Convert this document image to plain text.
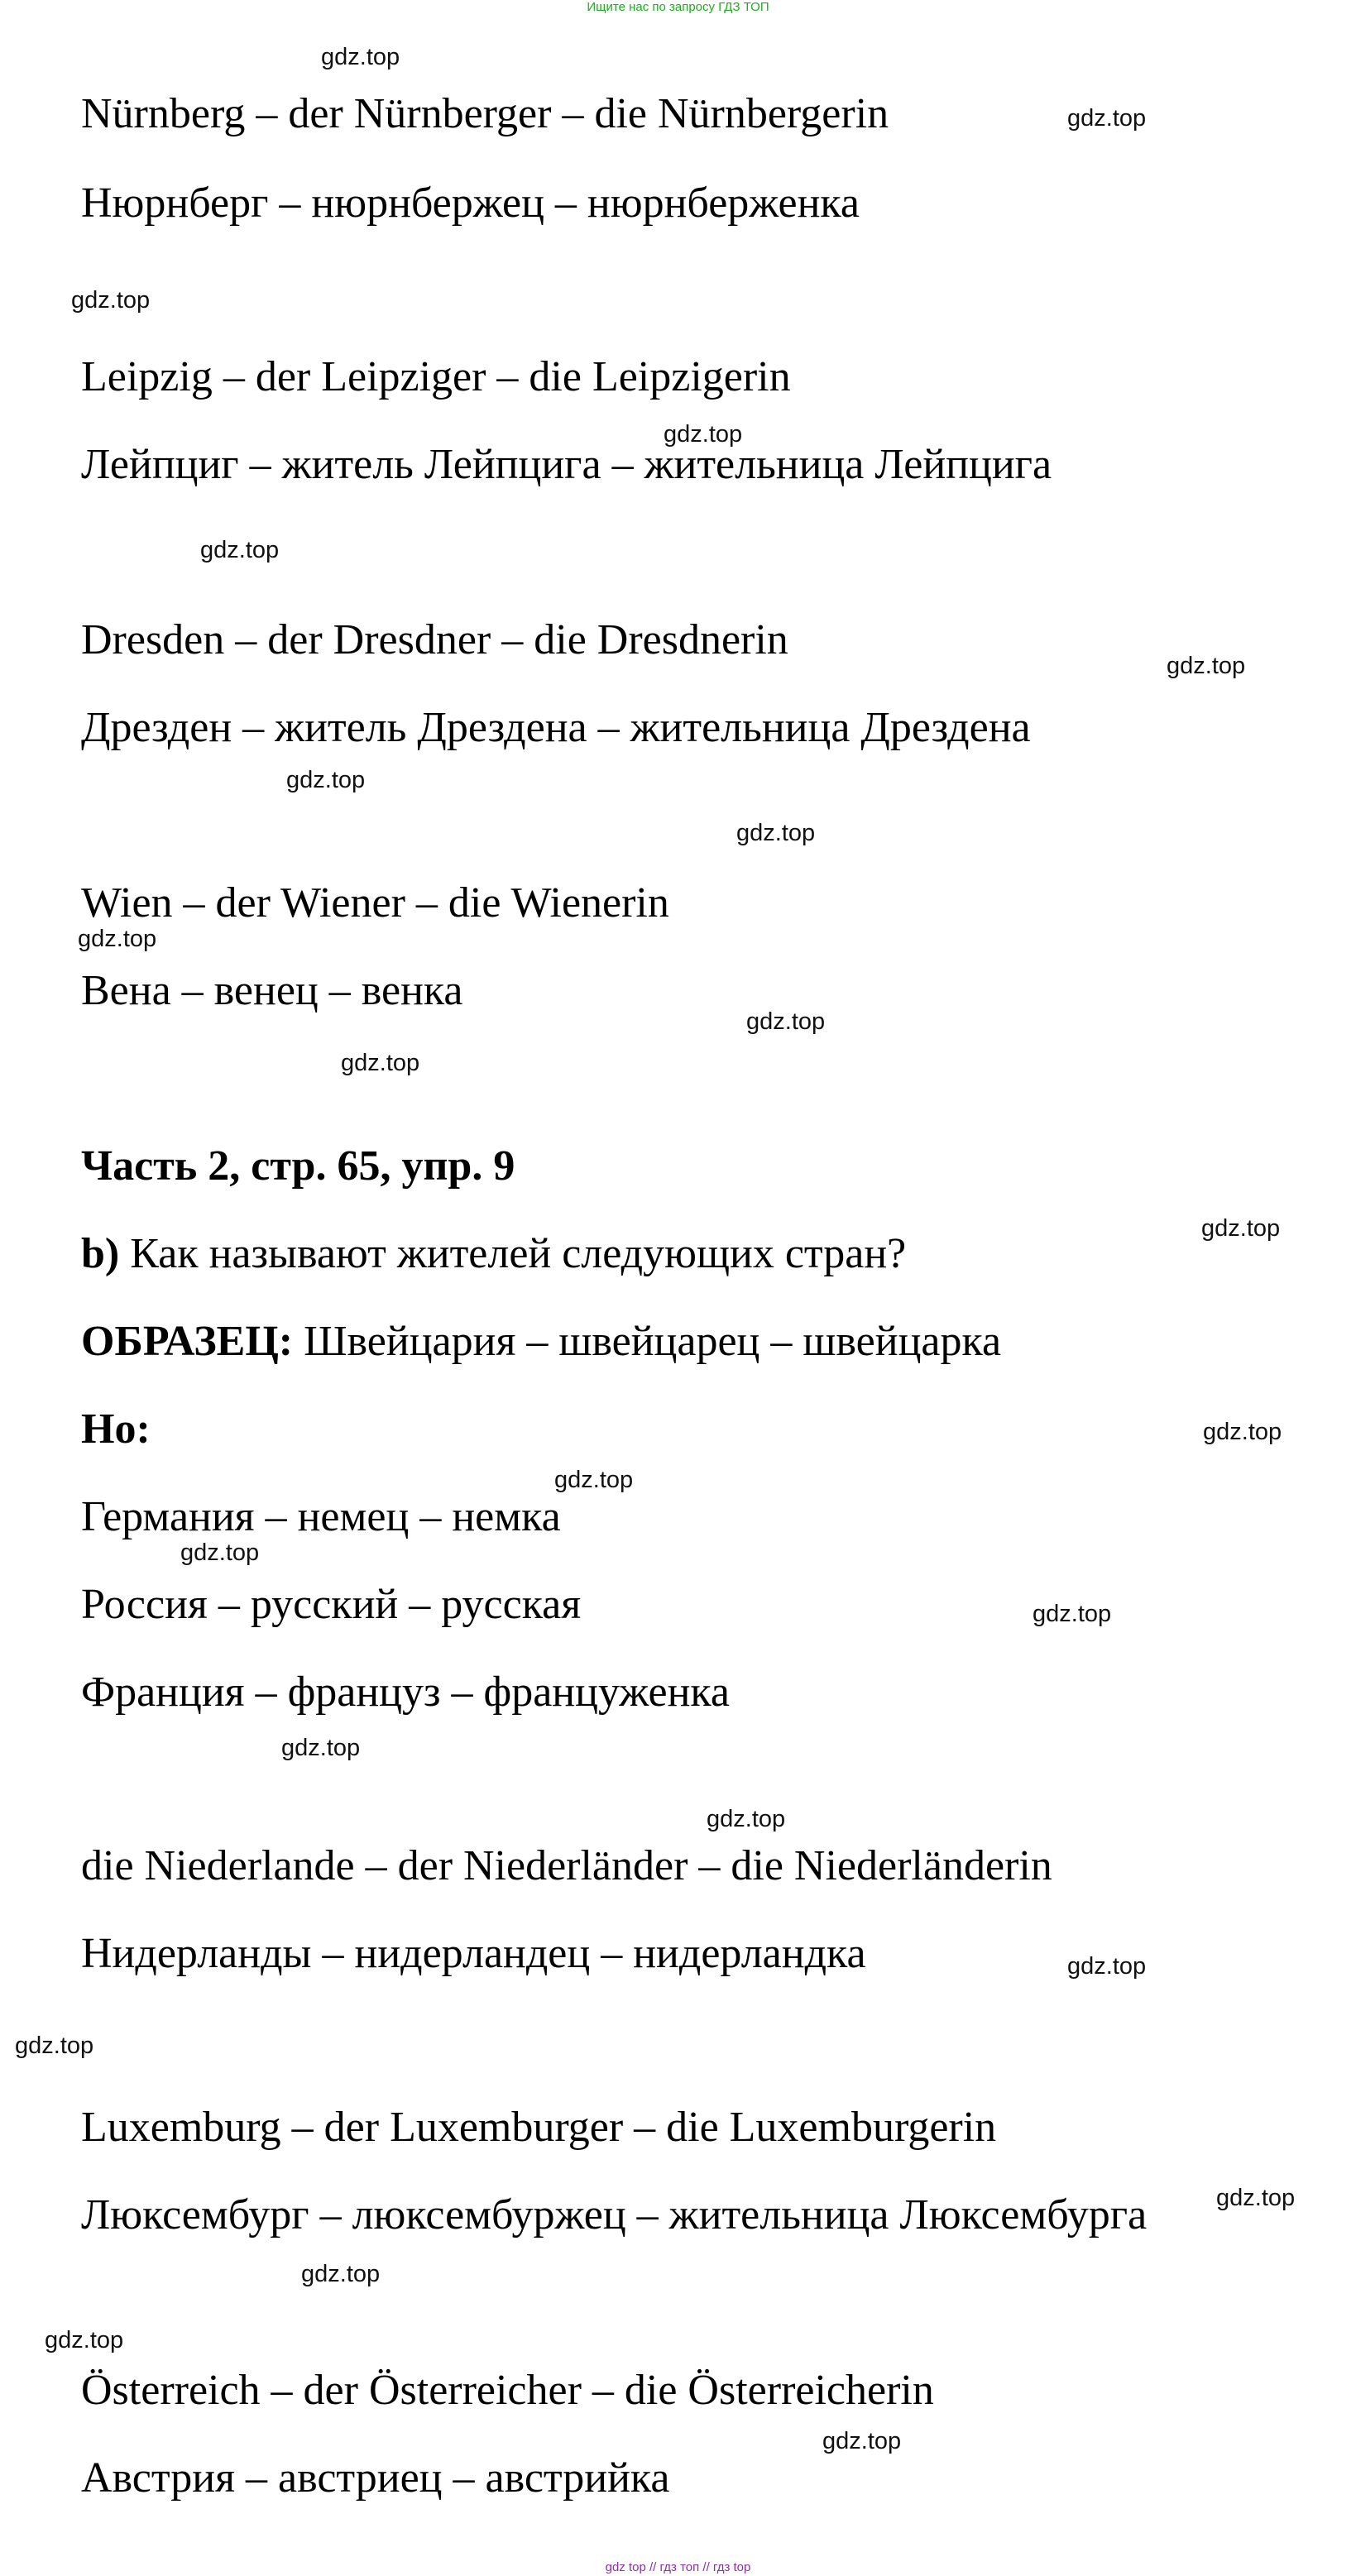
Ищите нас по запросу ГДЗ ТОП
Nürnberg – der Nürnberger – die Nürnbergerin
Нюрнберг – нюрнбержец – нюрнберженка
Leipzig – der Leipziger – die Leipzigerin
Лейпциг – житель Лейпцига – жительница Лейпцига
Dresden – der Dresdner – die Dresdnerin
Дрезден – житель Дрездена – жительница Дрездена
Wien – der Wiener – die Wienerin
Вена – венец – венка
Часть 2, стр. 65, упр. 9
b) Как называют жителей следующих стран?
ОБРАЗЕЦ: Швейцария – швейцарец – швейцарка
Но:
Германия – немец – немка
Россия – русский – русская
Франция – француз – француженка
die Niederlande – der Niederländer – die Niederländerin
Нидерланды – нидерландец – нидерландка
Luxemburg – der Luxemburger – die Luxemburgerin
Люксембург – люксембуржец – жительница Люксембурга
Österreich – der Österreicher – die Österreicherin
Австрия – австриец – австрийка
gdz.top
gdz.top
gdz.top
gdz.top
gdz.top
gdz.top
gdz.top
gdz.top
gdz.top
gdz.top
gdz.top
gdz.top
gdz.top
gdz.top
gdz.top
gdz.top
gdz.top
gdz.top
gdz.top
gdz.top
gdz.top
gdz.top
gdz.top
gdz.top
gdz top // гдз топ // гдз top
